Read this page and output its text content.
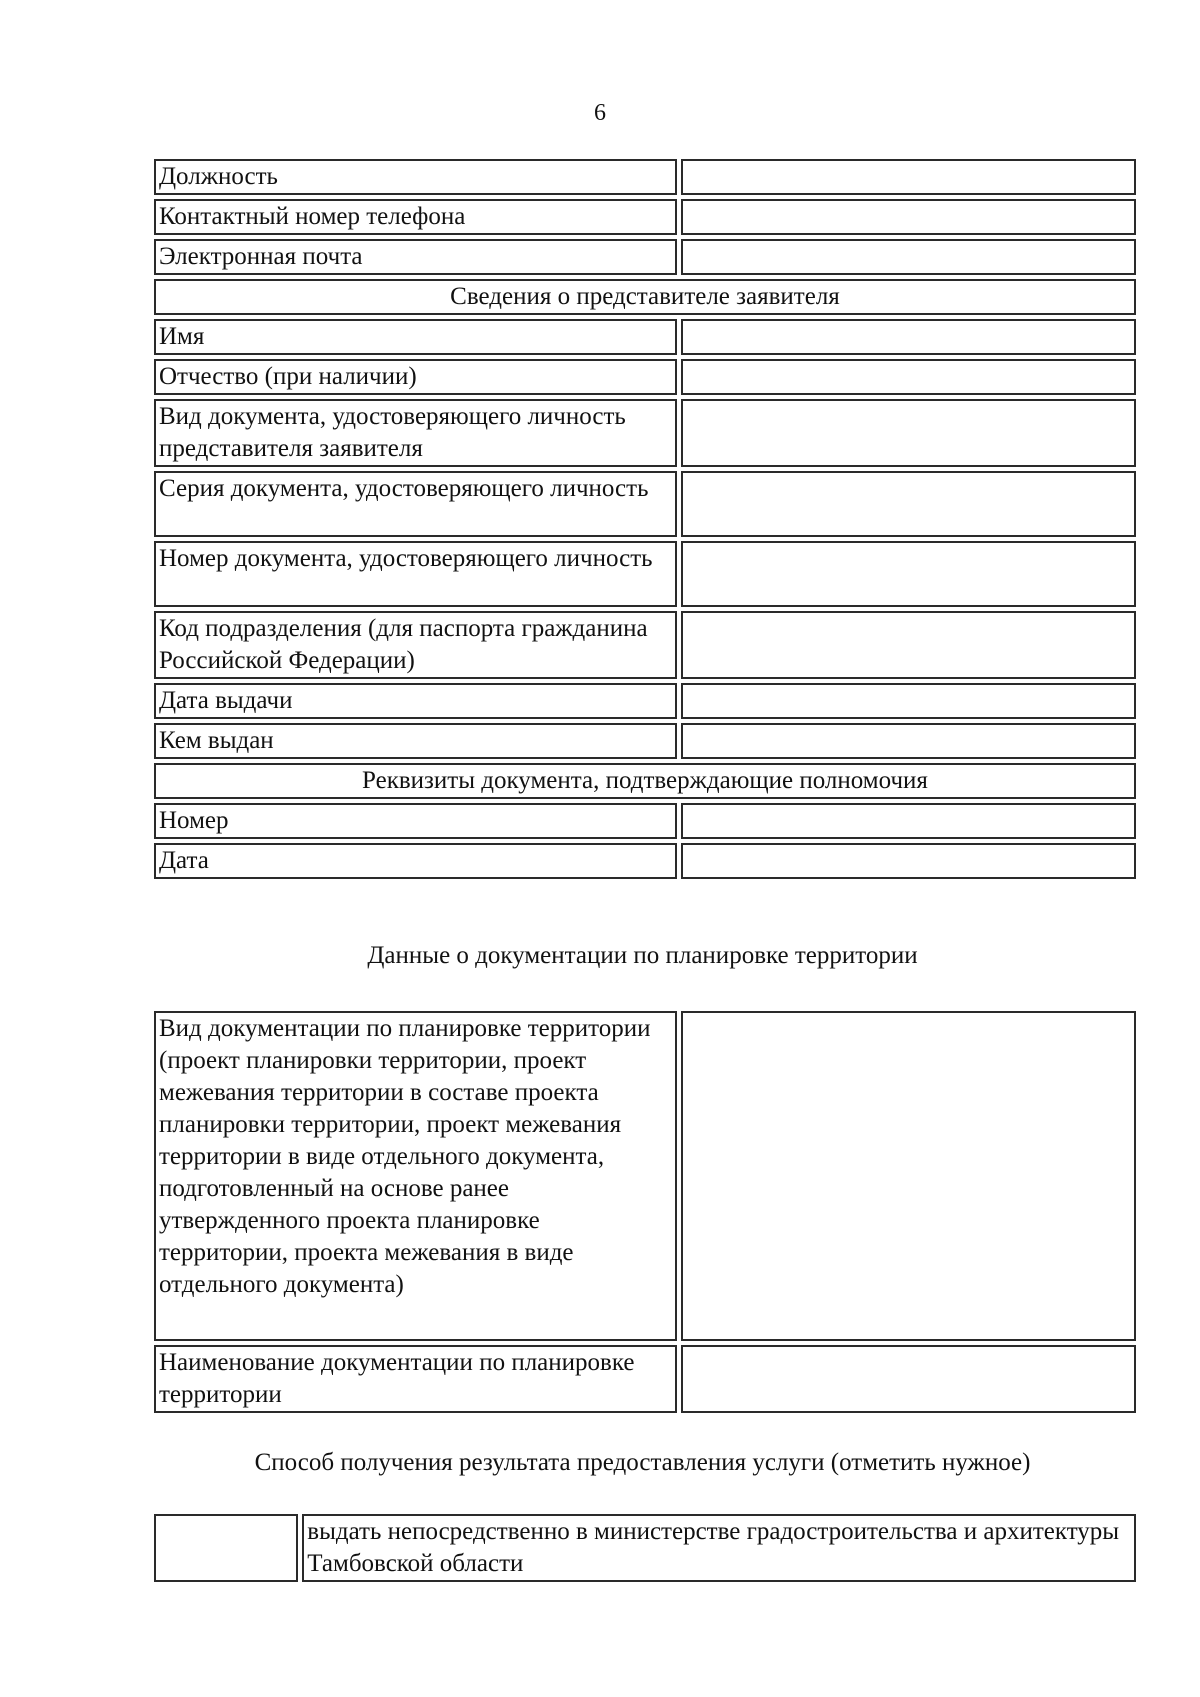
6
Должность	
Контактный номер телефона	
Электронная почта	
Сведения о представителе заявителя	
Имя	
Отчество (при наличии)	
Вид документа, удостоверяющего личность представителя заявителя	
Серия документа, удостоверяющего личность	
Номер документа, удостоверяющего личность	
Код подразделения (для паспорта гражданина Российской Федерации)	
Дата выдачи	
Кем выдан	
Реквизиты документа, подтверждающие полномочия	
Номер	
Дата	
Данные о документации по планировке территории
Вид документации по планировке территории (проект планировки территории, проект межевания территории в составе проекта планировки территории, проект межевания территории в виде отдельного документа, подготовленный на основе ранее утвержденного проекта планировке территории, проекта межевания в виде отдельного документа)	
Наименование документации по планировке территории	
Способ получения результата предоставления услуги (отметить нужное)
	выдать непосредственно в министерстве градостроительства и архитектуры Тамбовской области
